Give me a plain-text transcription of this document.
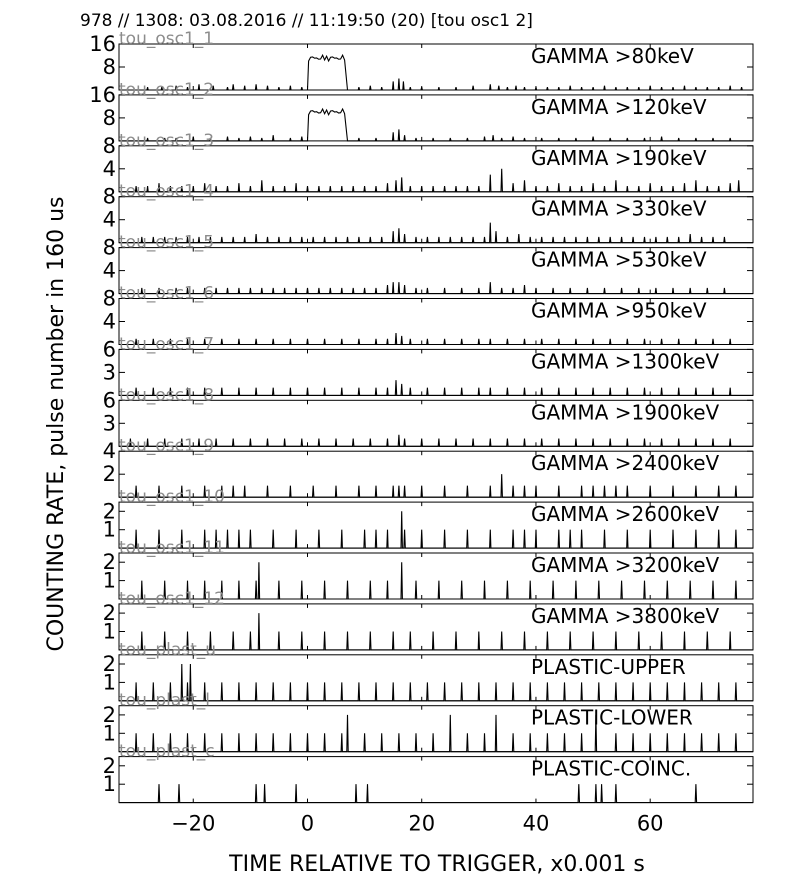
978 // 1308: 03.08.2016 // 11:19:50 (20) [tou osc1 2]
COUNTING RATE, pulse number in 160 us
TIME RELATIVE TO TRIGGER, x0.001 s
8
16	GAMMA >80keV
tou_osc1_1
8
16	GAMMA >120keV
tou_osc1_2
4
8	GAMMA >190keV
tou_osc1_3
4
8	GAMMA >330keV
tou_osc1_4
4
8	GAMMA >530keV
tou_osc1_5
4
8	GAMMA >950keV
tou_osc1_6
3
6	GAMMA >1300keV
tou_osc1_7
3
6	GAMMA >1900keV
tou_osc1_8
2
4	GAMMA >2400keV
tou_osc1_9
1
2	GAMMA >2600keV
tou_osc1_10
1
2	GAMMA >3200keV
tou_osc1_11
1
2	GAMMA >3800keV
tou_osc1_12
1
2	PLASTIC-UPPER
tou_plast_u
1
2	PLASTIC-LOWER
tou_plast_l
1
2	PLASTIC-COINC.
tou_plast_c
−20	0	20	40	60
